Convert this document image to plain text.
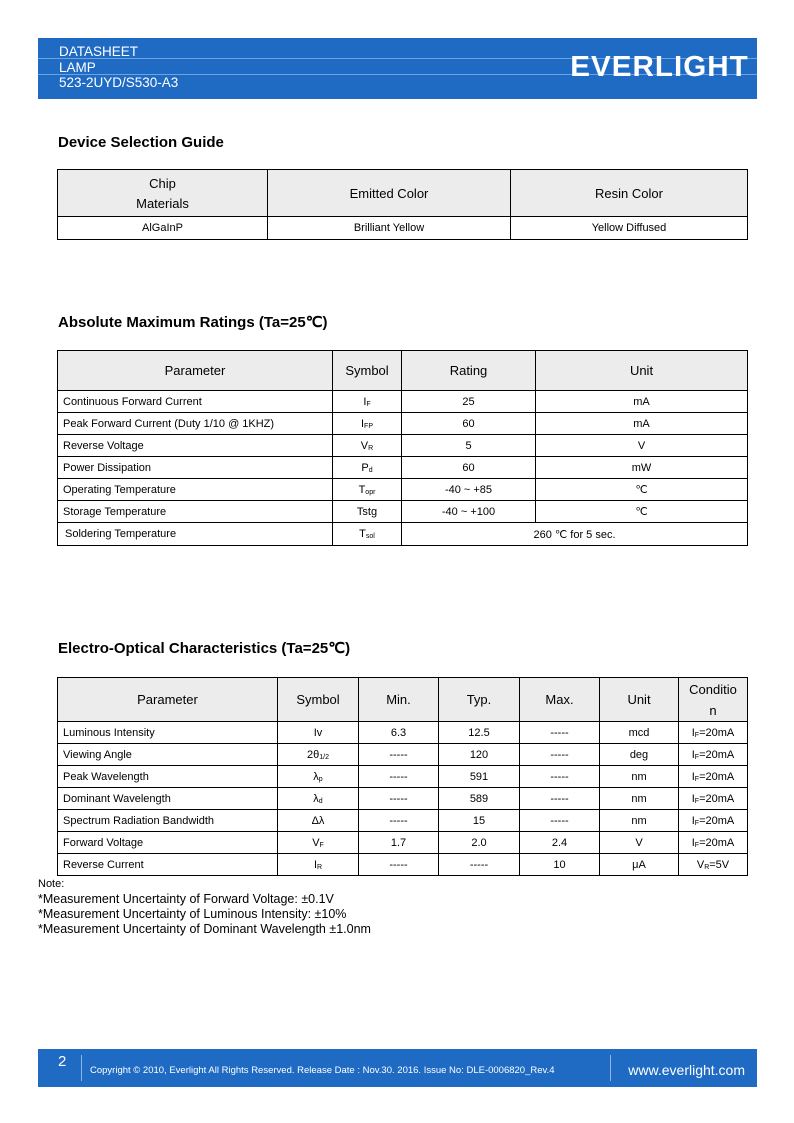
DATASHEET
LAMP
523-2UYD/S530-A3	EVERLIGHT
Device Selection Guide
Chip
Materials	Emitted Color	Resin Color
AlGaInP	Brilliant Yellow	Yellow Diffused
Absolute Maximum Ratings (Ta=25℃)
Parameter	Symbol	Rating	Unit
Continuous Forward Current	$I_F$	25	mA
Peak Forward Current (Duty 1/10 @ 1KHZ)	$I_{FP}$	60	mA
Reverse Voltage	$V_R$	5	V
Power Dissipation	$P_d$	60	mW
Operating Temperature	$T_{opr}$	-40 ~ +85	℃
Storage Temperature	Tstg	-40 ~ +100	℃
Soldering Temperature	$T_{sol}$	260 ℃ for 5 sec.	
Electro-Optical Characteristics (Ta=25℃)
Parameter	Symbol	Min.	Typ.	Max.	Unit	Conditio
n

Luminous Intensity	Iv	6.3	12.5	-----	mcd	$I_F=20mA$
Viewing Angle	$2\theta_{1/2}$	-----	120	-----	deg	$I_F=20mA$
Peak Wavelength	$\lambda_p$	-----	591	-----	nm	$I_F=20mA$
Dominant Wavelength	$\lambda_d$	-----	589	-----	nm	$I_F=20mA$
Spectrum Radiation Bandwidth	Δλ	-----	15	-----	nm	$I_F=20mA$
Forward Voltage	$V_F$	1.7	2.0	2.4	V	$I_F=20mA$
Reverse Current	$I_R$	-----	-----	10	μA	$V_R=5V$
Note:
*Measurement Uncertainty of Forward Voltage: ±0.1V
*Measurement Uncertainty of Luminous Intensity: ±10%
*Measurement Uncertainty of Dominant Wavelength ±1.0nm
2
Copyright © 2010, Everlight All Rights Reserved. Release Date : Nov.30. 2016. Issue No: DLE-0006820_Rev.4	www.everlight.com
